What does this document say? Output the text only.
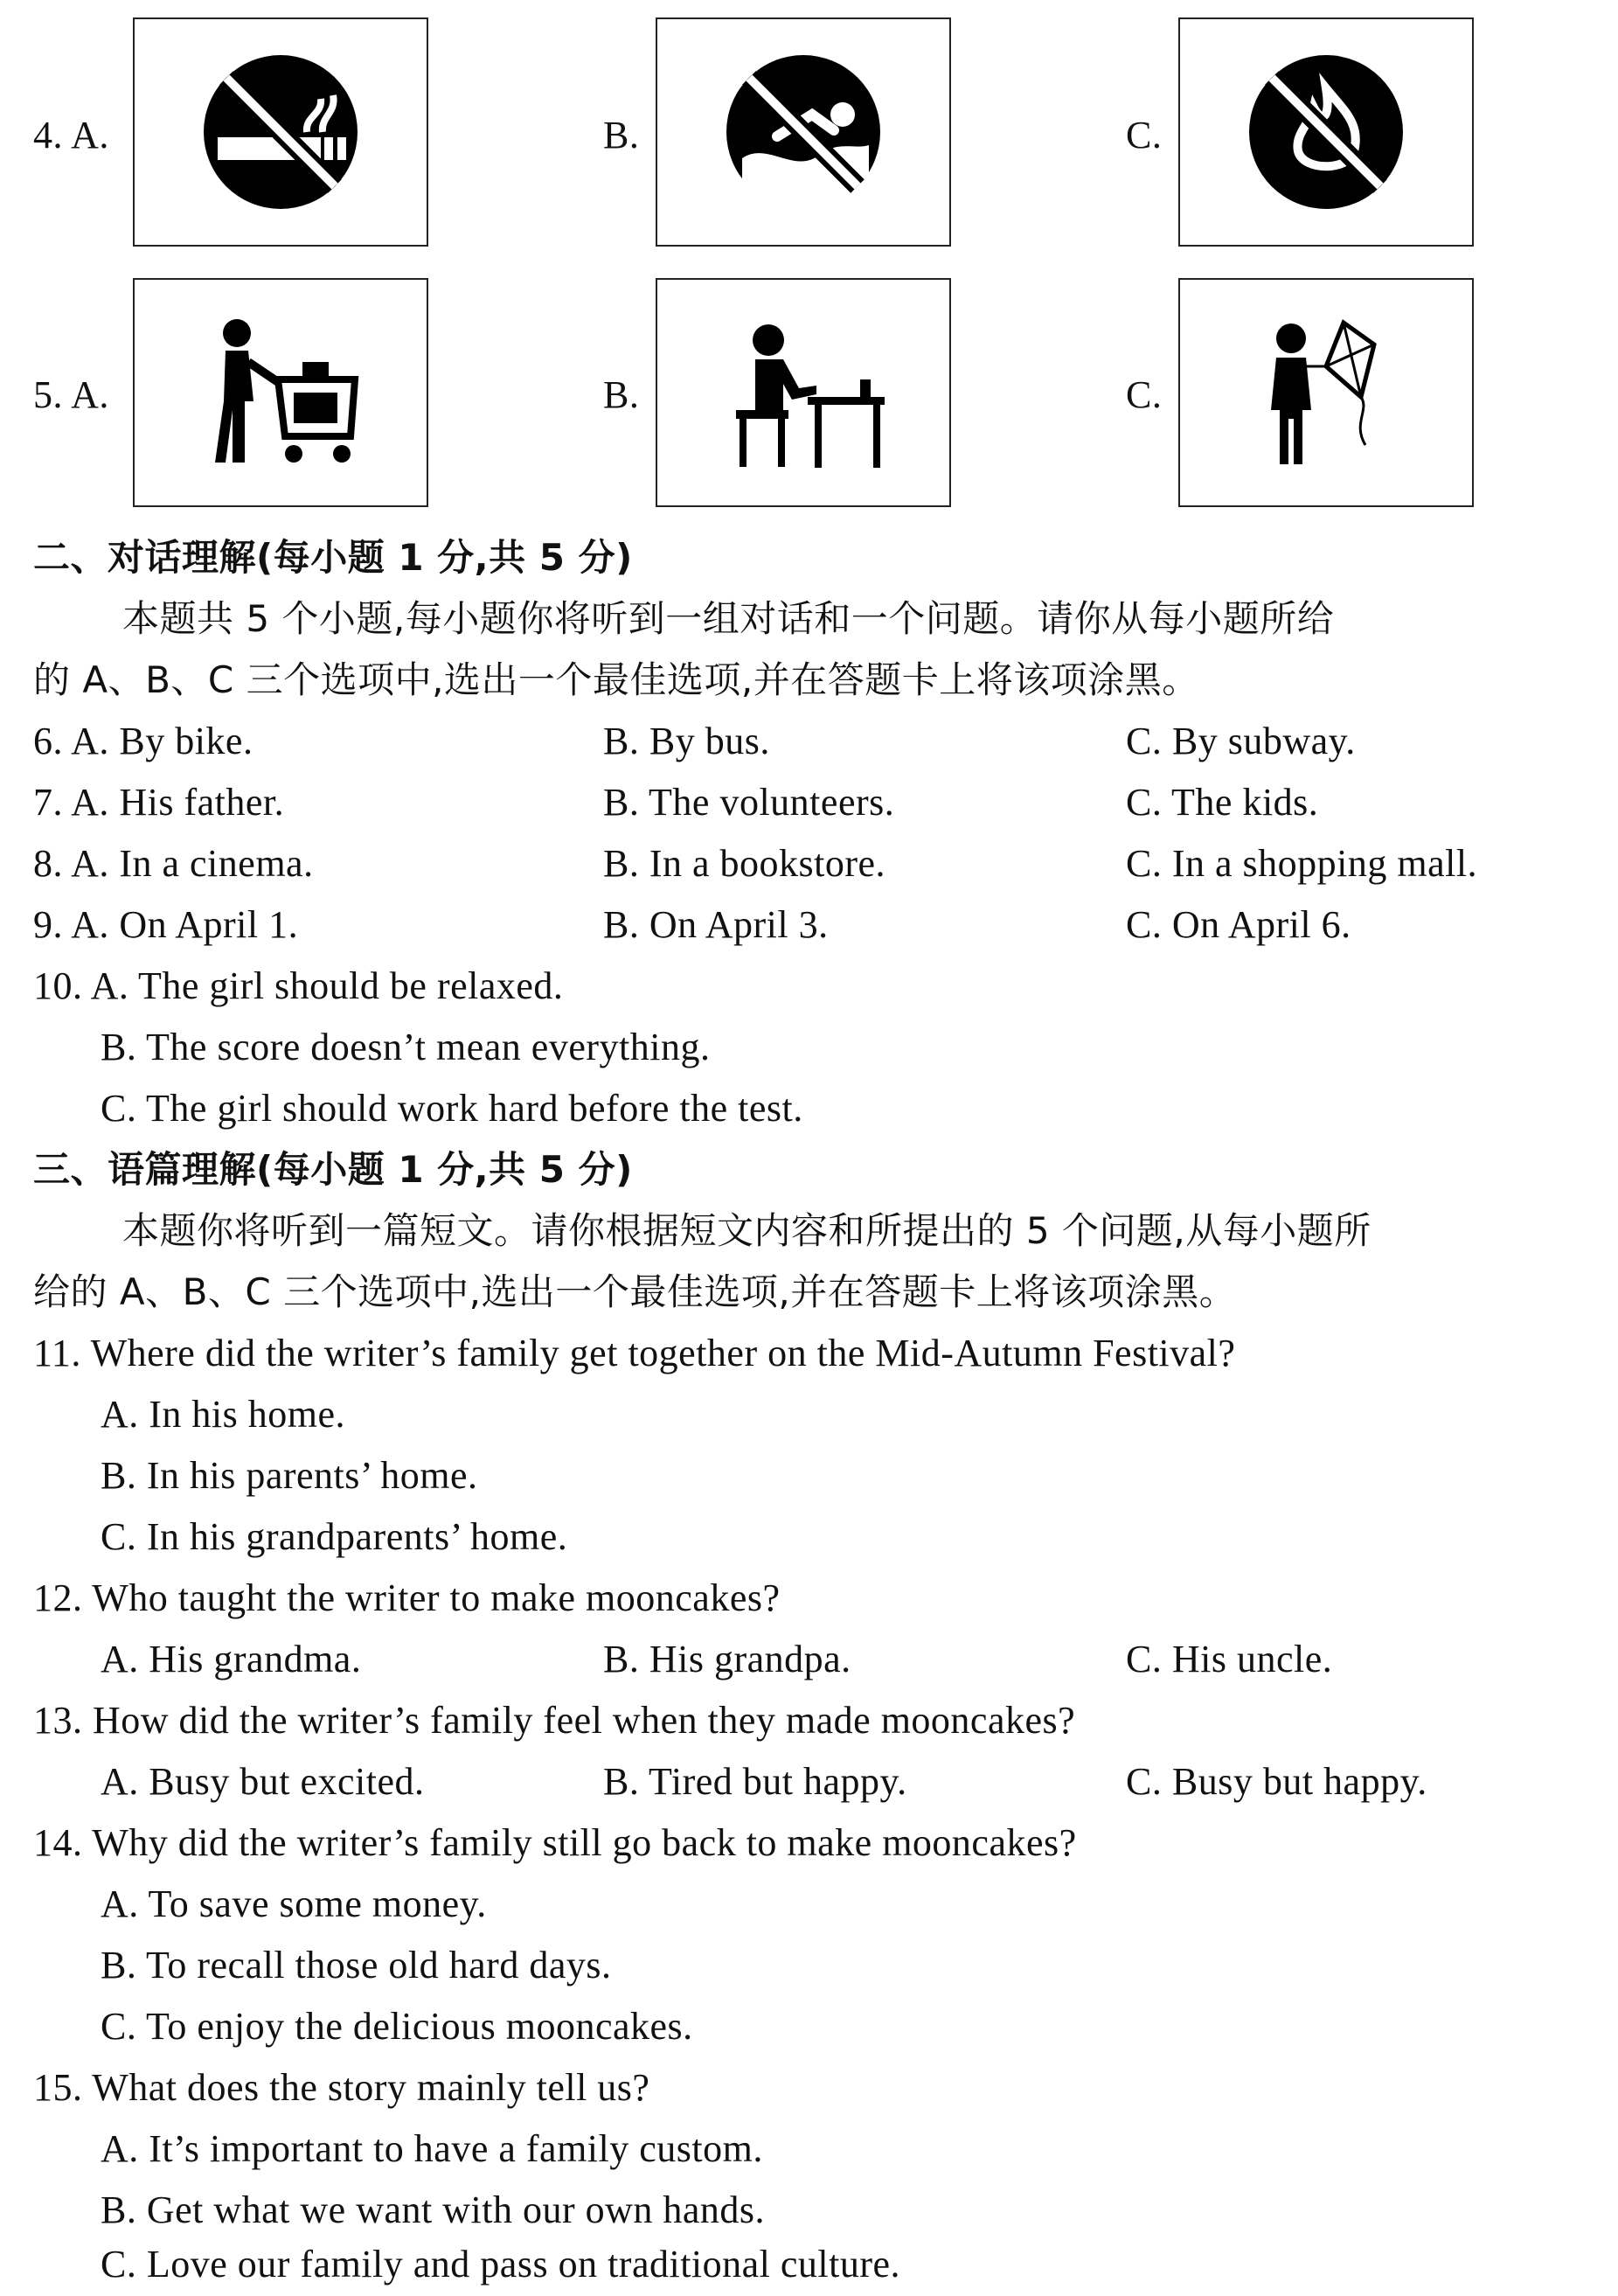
4. A.	B.	C.
5. A.	B.	C.
二、对话理解(每小题 1 分,共 5 分)
本题共 5 个小题,每小题你将听到一组对话和一个问题。请你从每小题所给
的 A、B、C 三个选项中,选出一个最佳选项,并在答题卡上将该项涂黑。
6. A. By bike.	B. By bus.	C. By subway.
7. A. His father.	B. The volunteers.	C. The kids.
8. A. In a cinema.	B. In a bookstore.	C. In a shopping mall.
9. A. On April 1.	B. On April 3.	C. On April 6.
10. A. The girl should be relaxed.
B. The score doesn’t mean everything.
C. The girl should work hard before the test.
三、语篇理解(每小题 1 分,共 5 分)
本题你将听到一篇短文。请你根据短文内容和所提出的 5 个问题,从每小题所
给的 A、B、C 三个选项中,选出一个最佳选项,并在答题卡上将该项涂黑。
11. Where did the writer’s family get together on the Mid-Autumn Festival?
A. In his home.
B. In his parents’ home.
C. In his grandparents’ home.
12. Who taught the writer to make mooncakes?
A. His grandma.	B. His grandpa.	C. His uncle.
13. How did the writer’s family feel when they made mooncakes?
A. Busy but excited.	B. Tired but happy.	C. Busy but happy.
14. Why did the writer’s family still go back to make mooncakes?
A. To save some money.
B. To recall those old hard days.
C. To enjoy the delicious mooncakes.
15. What does the story mainly tell us?
A. It’s important to have a family custom.
B. Get what we want with our own hands.
C. Love our family and pass on traditional culture.
